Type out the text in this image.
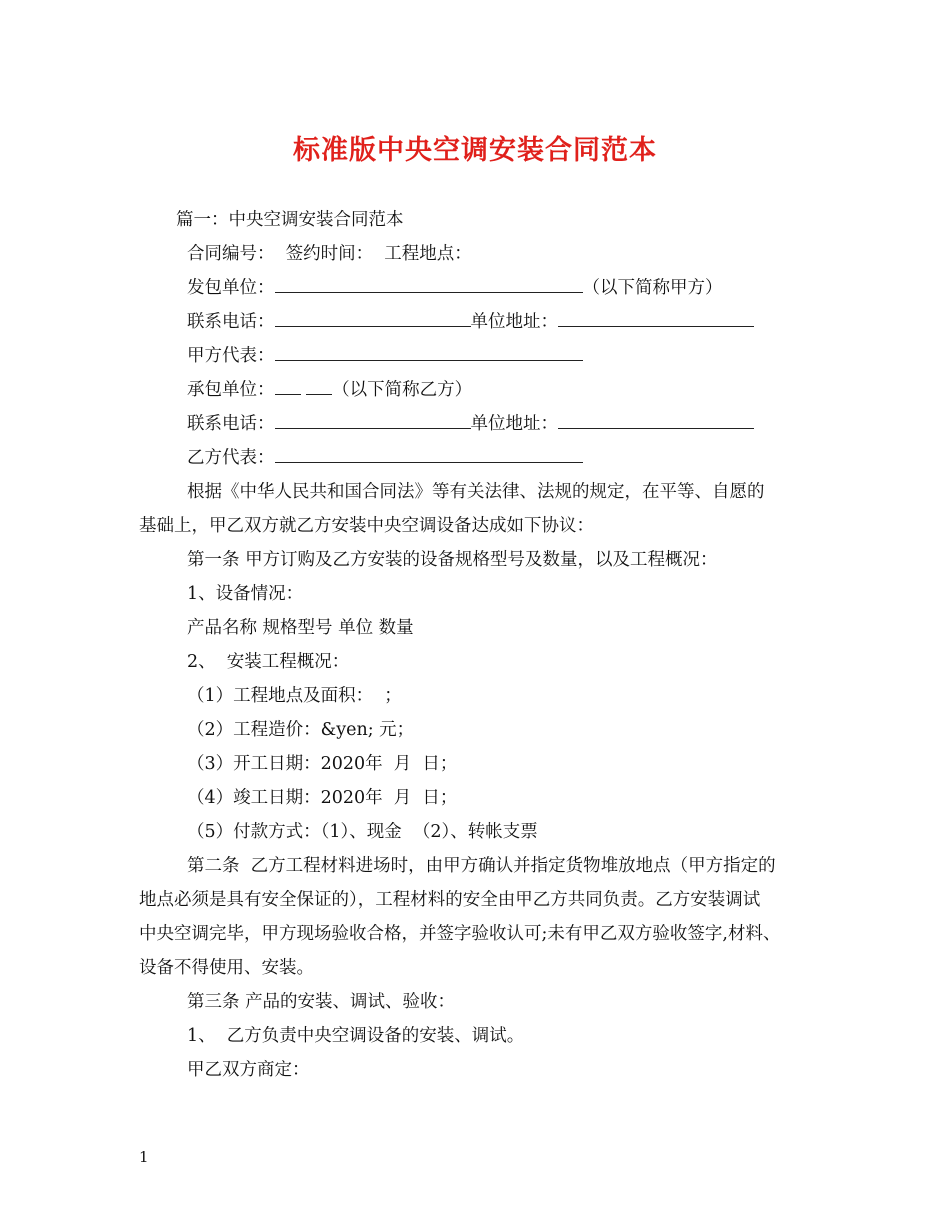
标准版中央空调安装合同范本
篇一：中央空调安装合同范本
合同编号：  签约时间：  工程地点：
发包单位：	（以下简称甲方）
联系电话：	单位地址：
甲方代表：
承包单位：	（以下简称乙方）
联系电话：	单位地址：
乙方代表：
根据《中华人民共和国合同法》等有关法律、法规的规定，在平等、自愿的
基础上，甲乙双方就乙方安装中央空调设备达成如下协议：
第一条 甲方订购及乙方安装的设备规格型号及数量，以及工程概况：
1、设备情况：
产品名称 规格型号 单位 数量
2、  安装工程概况：
（1）工程地点及面积：  ；
（2）工程造价：&yen; 元；
（3）开工日期：2020年  月  日；
（4）竣工日期：2020年  月  日；
（5）付款方式：（1）、现金  （2）、转帐支票
第二条  乙方工程材料进场时，由甲方确认并指定货物堆放地点（甲方指定的
地点必须是具有安全保证的），工程材料的安全由甲乙方共同负责。乙方安装调试
中央空调完毕，甲方现场验收合格，并签字验收认可;未有甲乙双方验收签字,材料、
设备不得使用、安装。
第三条 产品的安装、调试、验收：
1、  乙方负责中央空调设备的安装、调试。
甲乙双方商定：
1
